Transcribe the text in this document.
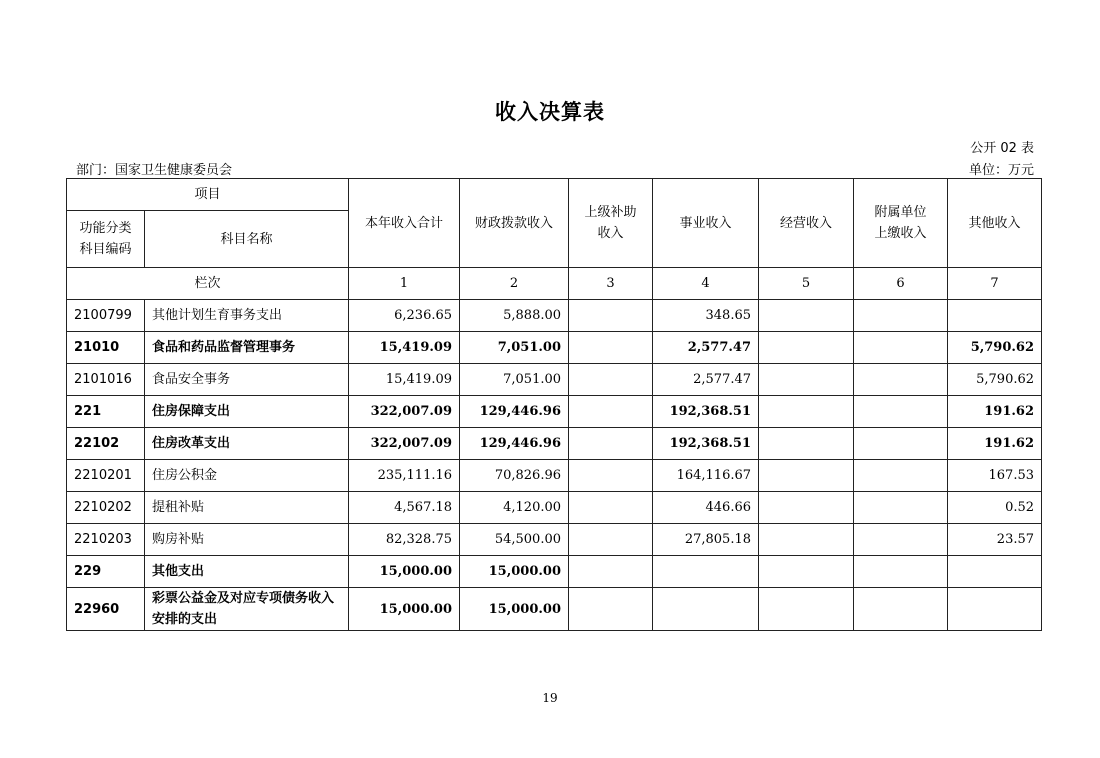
收入决算表
公开 02 表
部门：国家卫生健康委员会	单位：万元
项目		本年收入合计	财政拨款收入	上级补助收入	事业收入	经营收入	附属单位上缴收入	其他收入

功能分类科目编码	科目名称							
栏次		1	2	3	4	5	6	7
2100799	其他计划生育事务支出	6,236.65	5,888.00		348.65			
21010	食品和药品监督管理事务	15,419.09	7,051.00		2,577.47			5,790.62
2101016	食品安全事务	15,419.09	7,051.00		2,577.47			5,790.62
221	住房保障支出	322,007.09	129,446.96		192,368.51			191.62
22102	住房改革支出	322,007.09	129,446.96		192,368.51			191.62
2210201	住房公积金	235,111.16	70,826.96		164,116.67			167.53
2210202	提租补贴	4,567.18	4,120.00		446.66			0.52
2210203	购房补贴	82,328.75	54,500.00		27,805.18			23.57
229	其他支出	15,000.00	15,000.00					
22960	彩票公益金及对应专项债务收入安排的支出	15,000.00	15,000.00					
19
